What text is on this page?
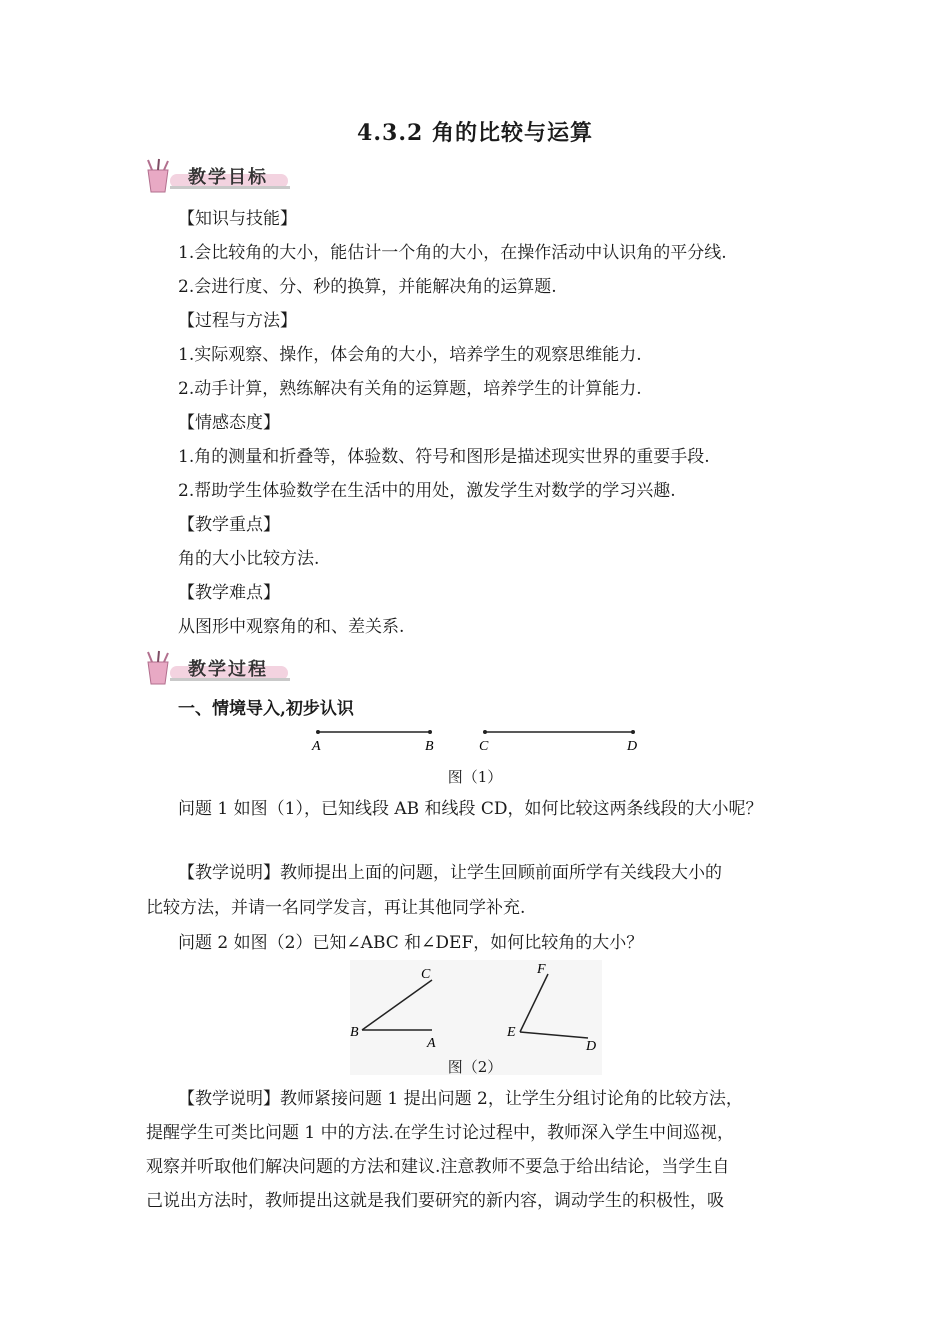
4.3.2 角的比较与运算
教学目标
【知识与技能】
1.会比较角的大小，能估计一个角的大小，在操作活动中认识角的平分线.
2.会进行度、分、秒的换算，并能解决角的运算题.
【过程与方法】
1.实际观察、操作，体会角的大小，培养学生的观察思维能力.
2.动手计算，熟练解决有关角的运算题，培养学生的计算能力.
【情感态度】
1.角的测量和折叠等，体验数、符号和图形是描述现实世界的重要手段.
2.帮助学生体验数学在生活中的用处，激发学生对数学的学习兴趣.
【教学重点】
角的大小比较方法.
【教学难点】
从图形中观察角的和、差关系.
教学过程
一、情境导入,初步认识
A	B	C	D
图（1）
问题 1 如图（1），已知线段 AB 和线段 CD，如何比较这两条线段的大小呢？
【教学说明】教师提出上面的问题，让学生回顾前面所学有关线段大小的
比较方法，并请一名同学发言，再让其他同学补充.
问题 2 如图（2）已知∠ABC 和∠DEF，如何比较角的大小？
C
B
A
F
E
D
图（2）
【教学说明】教师紧接问题 1 提出问题 2，让学生分组讨论角的比较方法，
提醒学生可类比问题 1 中的方法.在学生讨论过程中，教师深入学生中间巡视，
观察并听取他们解决问题的方法和建议.注意教师不要急于给出结论，当学生自
己说出方法时，教师提出这就是我们要研究的新内容，调动学生的积极性，吸
